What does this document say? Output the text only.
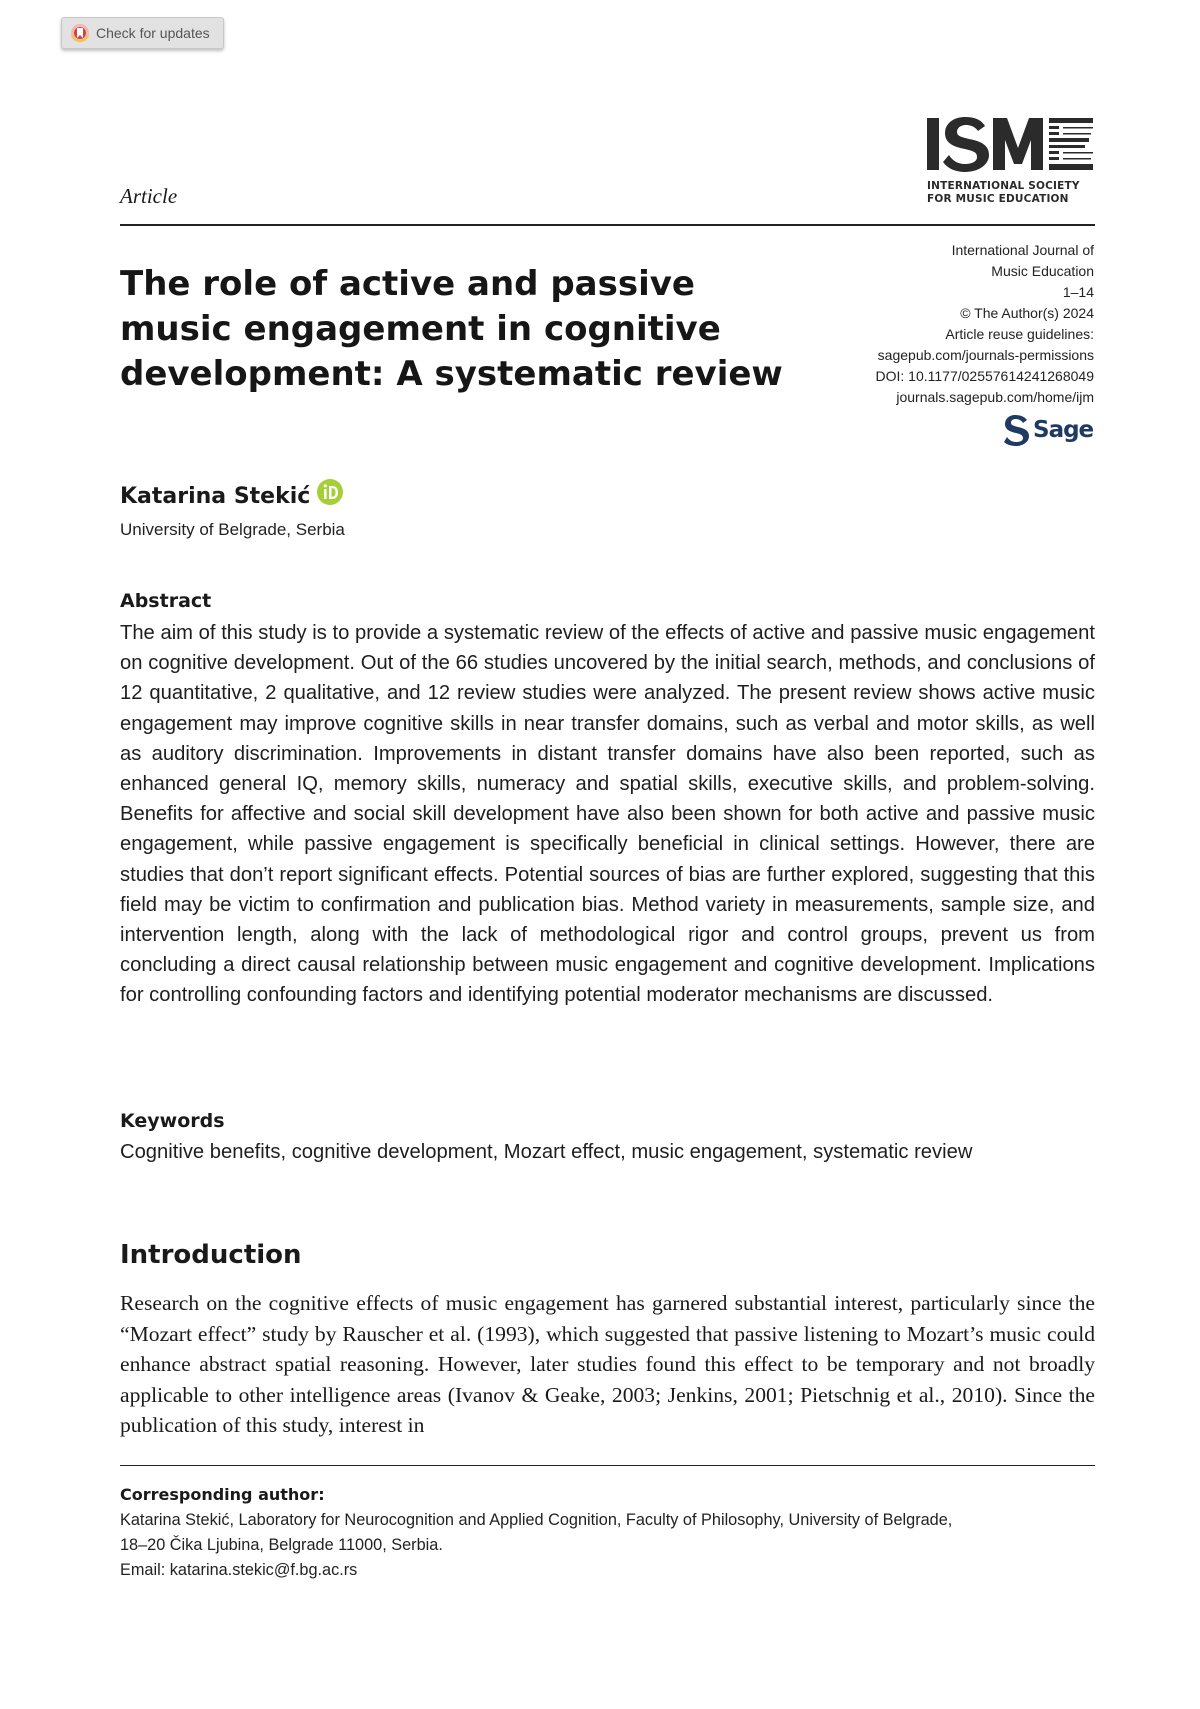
Check for updates
Article	INTERNATIONAL SOCIETY
FOR MUSIC EDUCATION
International Journal of
Music Education
1–14
© The Author(s) 2024
Article reuse guidelines:
sagepub.com/journals-permissions
DOI: 10.1177/02557614241268049
journals.sagepub.com/home/ijm
Sage
The role of active and passive music engagement in cognitive development: A systematic review
Katarina Stekić
University of Belgrade, Serbia
Abstract

The aim of this study is to provide a systematic review of the effects of active and passive music engagement on cognitive development. Out of the 66 studies uncovered by the initial search, methods, and conclusions of 12 quantitative, 2 qualitative, and 12 review studies were analyzed. The present review shows active music engagement may improve cognitive skills in near transfer domains, such as verbal and motor skills, as well as auditory discrimination. Improvements in distant transfer domains have also been reported, such as enhanced general IQ, memory skills, numeracy and spatial skills, executive skills, and problem-solving. Benefits for affective and social skill development have also been shown for both active and passive music engagement, while passive engagement is specifically beneficial in clinical settings. However, there are studies that don’t report significant effects. Potential sources of bias are further explored, suggesting that this field may be victim to confirmation and publication bias. Method variety in measurements, sample size, and intervention length, along with the lack of methodological rigor and control groups, prevent us from concluding a direct causal relationship between music engagement and cognitive development. Implications for controlling confounding factors and identifying potential moderator mechanisms are discussed.

Keywords
Cognitive benefits, cognitive development, Mozart effect, music engagement, systematic review
Introduction

Research on the cognitive effects of music engagement has garnered substantial interest, particularly since the “Mozart effect” study by Rauscher et al. (1993), which suggested that passive listening to Mozart’s music could enhance abstract spatial reasoning. However, later studies found this effect to be temporary and not broadly applicable to other intelligence areas (Ivanov & Geake, 2003; Jenkins, 2001; Pietschnig et al., 2010). Since the publication of this study, interest in

Corresponding author:
Katarina Stekić, Laboratory for Neurocognition and Applied Cognition, Faculty of Philosophy, University of Belgrade,
18–20 Čika Ljubina, Belgrade 11000, Serbia.
Email: katarina.stekic@f.bg.ac.rs
